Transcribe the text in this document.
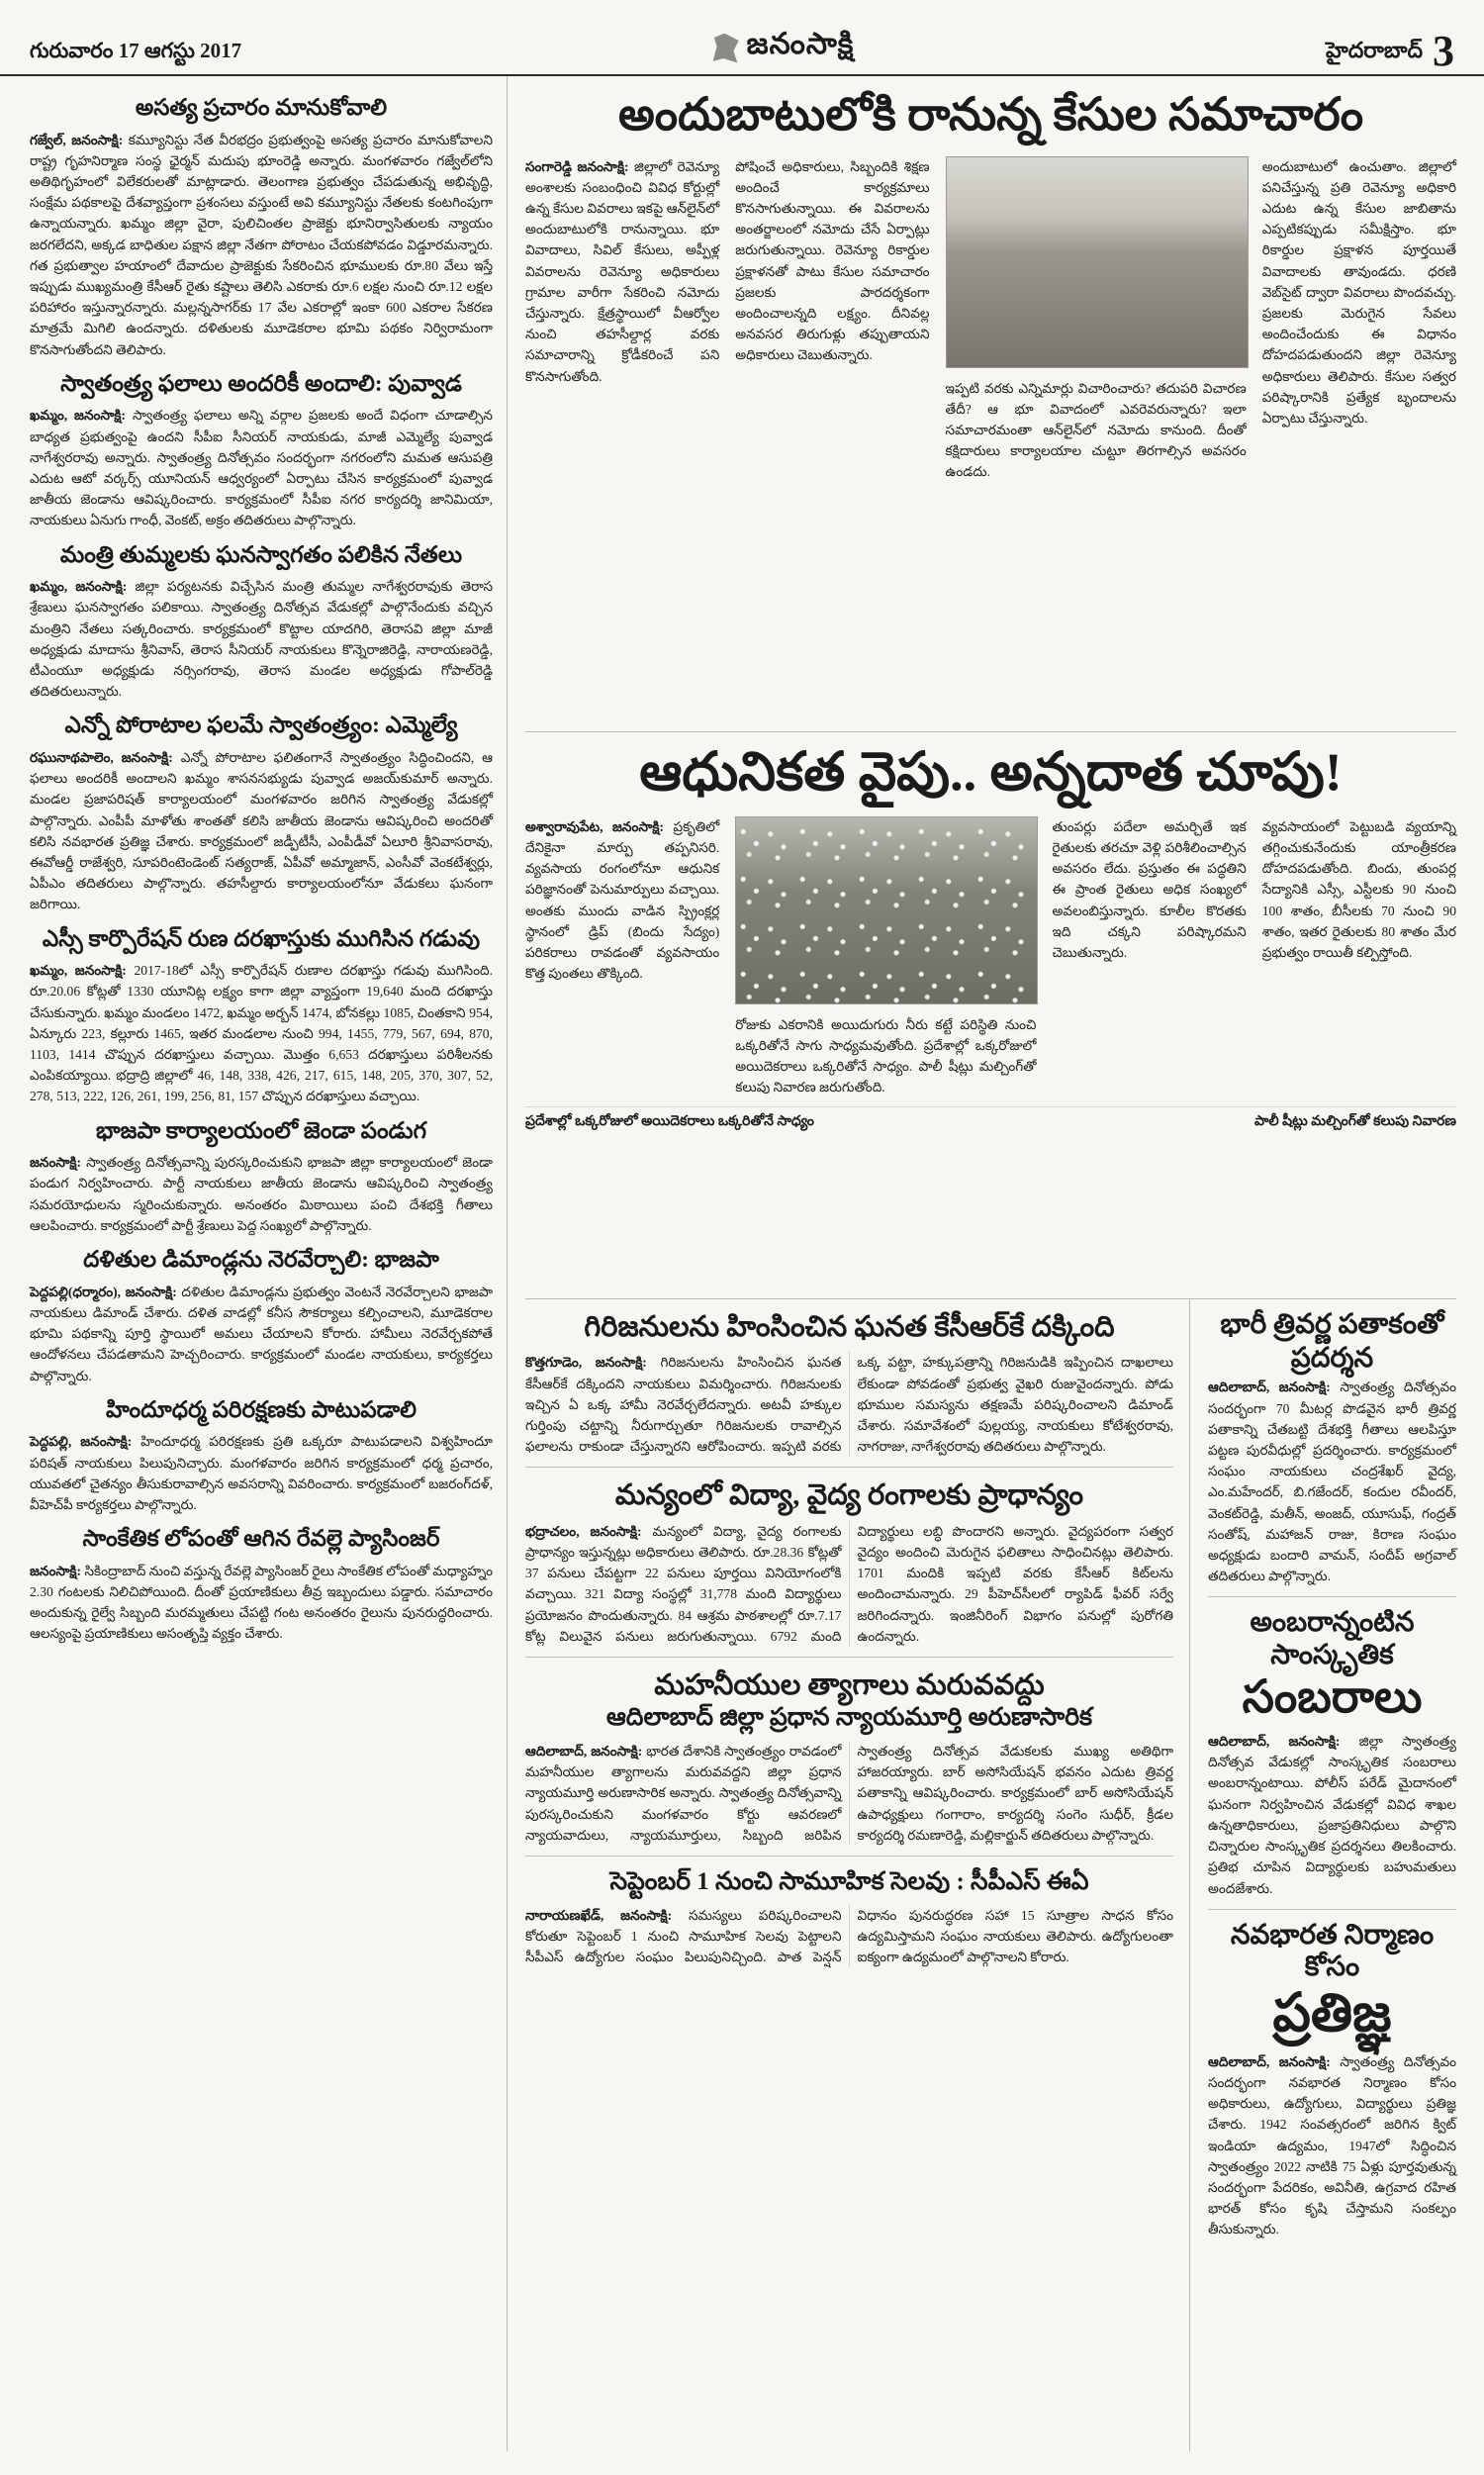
గురువారం 17 ఆగస్టు 2017	జనంసాక్షి	హైదరాబాద్ 3
అసత్య ప్రచారం మానుకోవాలి

గజ్వేల్, జనంసాక్షి: కమ్యూనిస్టు నేత వీరభద్రం ప్రభుత్వంపై అసత్య ప్రచారం మానుకోవాలని రాష్ట్ర గృహనిర్మాణ సంస్థ ఛైర్మన్ మదుపు భూంరెడ్డి అన్నారు. మంగళవారం గజ్వేల్‌లోని అతిథిగృహంలో విలేకరులతో మాట్లాడారు. తెలంగాణ ప్రభుత్వం చేపడుతున్న అభివృద్ధి, సంక్షేమ పథకాలపై దేశవ్యాప్తంగా ప్రశంసలు వస్తుంటే అవి కమ్యూనిస్టు నేతలకు కంటగింపుగా ఉన్నాయన్నారు. ఖమ్మం జిల్లా వైరా, పులిచింతల ప్రాజెక్టు భూనిర్వాసితులకు న్యాయం జరగలేదని, అక్కడ బాధితుల పక్షాన జిల్లా నేతగా పోరాటం చేయకపోవడం విడ్డూరమన్నారు. గత ప్రభుత్వాల హయాంలో దేవాదుల ప్రాజెక్టుకు సేకరించిన భూములకు రూ.80 వేలు ఇస్తే ఇప్పుడు ముఖ్యమంత్రి కేసీఆర్ రైతు కష్టాలు తెలిసి ఎకరాకు రూ.6 లక్షల నుంచి రూ.12 లక్షల పరిహారం ఇస్తున్నారన్నారు. మల్లన్నసాగర్‌కు 17 వేల ఎకరాల్లో ఇంకా 600 ఎకరాల సేకరణ మాత్రమే మిగిలి ఉందన్నారు. దళితులకు మూడెకరాల భూమి పథకం నిర్విరామంగా కొనసాగుతోందని తెలిపారు.

స్వాతంత్ర్య ఫలాలు అందరికీ అందాలి: పువ్వాడ

ఖమ్మం, జనంసాక్షి: స్వాతంత్ర్య ఫలాలు అన్ని వర్గాల ప్రజలకు అందే విధంగా చూడాల్సిన బాధ్యత ప్రభుత్వంపై ఉందని సీపీఐ సీనియర్ నాయకుడు, మాజీ ఎమ్మెల్యే పువ్వాడ నాగేశ్వరరావు అన్నారు. స్వాతంత్ర్య దినోత్సవం సందర్భంగా నగరంలోని మమత ఆసుపత్రి ఎదుట ఆటో వర్కర్స్ యూనియన్ ఆధ్వర్యంలో ఏర్పాటు చేసిన కార్యక్రమంలో పువ్వాడ జాతీయ జెండాను ఆవిష్కరించారు. కార్యక్రమంలో సీపీఐ నగర కార్యదర్శి జానిమియా, నాయకులు ఏనుగు గాంధీ, వెంకట్, అక్రం తదితరులు పాల్గొన్నారు.

మంత్రి తుమ్మలకు ఘనస్వాగతం పలికిన నేతలు

ఖమ్మం, జనంసాక్షి: జిల్లా పర్యటనకు విచ్చేసిన మంత్రి తుమ్మల నాగేశ్వరరావుకు తెరాస శ్రేణులు ఘనస్వాగతం పలికాయి. స్వాతంత్ర్య దినోత్సవ వేడుకల్లో పాల్గొనేందుకు వచ్చిన మంత్రిని నేతలు సత్కరించారు. కార్యక్రమంలో కొట్టాల యాదగిరి, తెరాసవి జిల్లా మాజీ అధ్యక్షుడు మాదాసు శ్రీనివాస్, తెరాస సీనియర్ నాయకులు కొన్నెరాజిరెడ్డి, నారాయణరెడ్డి, టీఎంయూ అధ్యక్షుడు నర్సింగరావు, తెరాస మండల అధ్యక్షుడు గోపాల్‌రెడ్డి తదితరులున్నారు.

ఎన్నో పోరాటాల ఫలమే స్వాతంత్ర్యం: ఎమ్మెల్యే

రఘునాథపాలెం, జనంసాక్షి: ఎన్నో పోరాటాల ఫలితంగానే స్వాతంత్ర్యం సిద్ధించిందని, ఆ ఫలాలు అందరికీ అందాలని ఖమ్మం శాసనసభ్యుడు పువ్వాడ అజయ్‌కుమార్ అన్నారు. మండల ప్రజాపరిషత్ కార్యాలయంలో మంగళవారం జరిగిన స్వాతంత్ర్య వేడుకల్లో పాల్గొన్నారు. ఎంపీపీ మాళోతు శాంతతో కలిసి జాతీయ జెండాను ఆవిష్కరించి అందరితో కలిసి నవభారత ప్రతిజ్ఞ చేశారు. కార్యక్రమంలో జడ్పీటీసీ, ఎంపీడీవో ఏలూరి శ్రీనివాసరావు, ఈవోఆర్డీ రాజేశ్వరి, సూపరింటెండెంట్ సత్యరాజ్, ఏపీవో అమ్మాజాన్, ఎంసీవో వెంకటేశ్వర్లు, ఏపీఎం తదితరులు పాల్గొన్నారు. తహసీల్దారు కార్యాలయంలోనూ వేడుకలు ఘనంగా జరిగాయి.

ఎస్సీ కార్పొరేషన్ రుణ దరఖాస్తుకు ముగిసిన గడువు

ఖమ్మం, జనంసాక్షి: 2017-18లో ఎస్సీ కార్పొరేషన్ రుణాల దరఖాస్తు గడువు ముగిసింది. రూ.20.06 కోట్లతో 1330 యూనిట్ల లక్ష్యం కాగా జిల్లా వ్యాప్తంగా 19,640 మంది దరఖాస్తు చేసుకున్నారు. ఖమ్మం మండలం 1472, ఖమ్మం అర్బన్ 1474, బోనకల్లు 1085, చింతకాని 954, ఏన్కూరు 223, కల్లూరు 1465, ఇతర మండలాల నుంచి 994, 1455, 779, 567, 694, 870, 1103, 1414 చొప్పున దరఖాస్తులు వచ్చాయి. మొత్తం 6,653 దరఖాస్తులు పరిశీలనకు ఎంపికయ్యాయి. భద్రాద్రి జిల్లాలో 46, 148, 338, 426, 217, 615, 148, 205, 370, 307, 52, 278, 513, 222, 126, 261, 199, 256, 81, 157 చొప్పున దరఖాస్తులు వచ్చాయి.

భాజపా కార్యాలయంలో జెండా పండుగ

జనంసాక్షి: స్వాతంత్ర్య దినోత్సవాన్ని పురస్కరించుకుని భాజపా జిల్లా కార్యాలయంలో జెండా పండుగ నిర్వహించారు. పార్టీ నాయకులు జాతీయ జెండాను ఆవిష్కరించి స్వాతంత్ర్య సమరయోధులను స్మరించుకున్నారు. అనంతరం మిఠాయిలు పంచి దేశభక్తి గీతాలు ఆలపించారు. కార్యక్రమంలో పార్టీ శ్రేణులు పెద్ద సంఖ్యలో పాల్గొన్నారు.

దళితుల డిమాండ్లను నెరవేర్చాలి: భాజపా

పెద్దపల్లి(ధర్మారం), జనంసాక్షి: దళితుల డిమాండ్లను ప్రభుత్వం వెంటనే నెరవేర్చాలని భాజపా నాయకులు డిమాండ్ చేశారు. దళిత వాడల్లో కనీస సౌకర్యాలు కల్పించాలని, మూడెకరాల భూమి పథకాన్ని పూర్తి స్థాయిలో అమలు చేయాలని కోరారు. హామీలు నెరవేర్చకపోతే ఆందోళనలు చేపడతామని హెచ్చరించారు. కార్యక్రమంలో మండల నాయకులు, కార్యకర్తలు పాల్గొన్నారు.

హిందూధర్మ పరిరక్షణకు పాటుపడాలి

పెద్దపల్లి, జనంసాక్షి: హిందూధర్మ పరిరక్షణకు ప్రతి ఒక్కరూ పాటుపడాలని విశ్వహిందూ పరిషత్ నాయకులు పిలుపునిచ్చారు. మంగళవారం జరిగిన కార్యక్రమంలో ధర్మ ప్రచారం, యువతలో చైతన్యం తీసుకురావాల్సిన అవసరాన్ని వివరించారు. కార్యక్రమంలో బజరంగ్‌దళ్, వీహెచ్‌పీ కార్యకర్తలు పాల్గొన్నారు.

సాంకేతిక లోపంతో ఆగిన రేవల్లె ప్యాసింజర్

జనంసాక్షి: సికింద్రాబాద్ నుంచి వస్తున్న రేవల్లె ప్యాసింజర్ రైలు సాంకేతిక లోపంతో మధ్యాహ్నం 2.30 గంటలకు నిలిచిపోయింది. దీంతో ప్రయాణికులు తీవ్ర ఇబ్బందులు పడ్డారు. సమాచారం అందుకున్న రైల్వే సిబ్బంది మరమ్మతులు చేపట్టి గంట అనంతరం రైలును పునరుద్ధరించారు. ఆలస్యంపై ప్రయాణికులు అసంతృప్తి వ్యక్తం చేశారు.

అందుబాటులోకి రానున్న కేసుల సమాచారం

సంగారెడ్డి జనంసాక్షి: జిల్లాలో రెవెన్యూ అంశాలకు సంబంధించి వివిధ కోర్టుల్లో ఉన్న కేసుల వివరాలు ఇకపై ఆన్‌లైన్‌లో అందుబాటులోకి రానున్నాయి. భూ వివాదాలు, సివిల్ కేసులు, అప్పీళ్ల వివరాలను రెవెన్యూ అధికారులు గ్రామాల వారీగా సేకరించి నమోదు చేస్తున్నారు. క్షేత్రస్థాయిలో వీఆర్వోల నుంచి తహసీల్దార్ల వరకు సమాచారాన్ని క్రోడీకరించే పని కొనసాగుతోంది.

పోషించే అధికారులు, సిబ్బందికి శిక్షణ అందించే కార్యక్రమాలు కొనసాగుతున్నాయి. ఈ వివరాలను అంతర్జాలంలో నమోదు చేసే ఏర్పాట్లు జరుగుతున్నాయి. రెవెన్యూ రికార్డుల ప్రక్షాళనతో పాటు కేసుల సమాచారం ప్రజలకు పారదర్శకంగా అందించాలన్నది లక్ష్యం. దీనివల్ల అనవసర తిరుగుళ్లు తప్పుతాయని అధికారులు చెబుతున్నారు.

ఇప్పటి వరకు ఎన్నిమార్లు విచారించారు? తదుపరి విచారణ తేదీ? ఆ భూ వివాదంలో ఎవరెవరున్నారు? ఇలా సమాచారమంతా ఆన్‌లైన్‌లో నమోదు కానుంది. దీంతో కక్షిదారులు కార్యాలయాల చుట్టూ తిరగాల్సిన అవసరం ఉండదు.

అందుబాటులో ఉంచుతాం. జిల్లాలో పనిచేస్తున్న ప్రతి రెవెన్యూ అధికారి ఎదుట ఉన్న కేసుల జాబితాను ఎప్పటికప్పుడు సమీక్షిస్తాం. భూ రికార్డుల ప్రక్షాళన పూర్తయితే వివాదాలకు తావుండదు. ధరణి వెబ్‌సైట్ ద్వారా వివరాలు పొందవచ్చు. ప్రజలకు మెరుగైన సేవలు అందించేందుకు ఈ విధానం దోహదపడుతుందని జిల్లా రెవెన్యూ అధికారులు తెలిపారు. కేసుల సత్వర పరిష్కారానికి ప్రత్యేక బృందాలను ఏర్పాటు చేస్తున్నారు.

ఆధునికత వైపు.. అన్నదాత చూపు!

అశ్వారావుపేట, జనంసాక్షి: ప్రకృతిలో దేనికైనా మార్పు తప్పనిసరి. వ్యవసాయ రంగంలోనూ ఆధునిక పరిజ్ఞానంతో పెనుమార్పులు వచ్చాయి. అంతకు ముందు వాడిన స్ప్రింక్లర్ల స్థానంలో డ్రిప్ (బిందు సేద్యం) పరికరాలు రావడంతో వ్యవసాయం కొత్త పుంతలు తొక్కింది.

రోజుకు ఎకరానికి అయిదుగురు నీరు కట్టే పరిస్థితి నుంచి ఒక్కరితోనే సాగు సాధ్యమవుతోంది. ప్రదేశాల్లో ఒక్కరోజులో అయిదెకరాలు ఒక్కరితోనే సాధ్యం. పాలీ షీట్లు మల్చింగ్‌తో కలుపు నివారణ జరుగుతోంది.

తుంపర్లు పదేలా అమర్చితే ఇక రైతులకు తరచూ వెళ్లి పరిశీలించాల్సిన అవసరం లేదు. ప్రస్తుతం ఈ పద్ధతిని ఈ ప్రాంత రైతులు అధిక సంఖ్యలో అవలంబిస్తున్నారు. కూలీల కొరతకు ఇది చక్కని పరిష్కారమని చెబుతున్నారు.

వ్యవసాయంలో పెట్టుబడి వ్యయాన్ని తగ్గించుకునేందుకు యాంత్రీకరణ దోహదపడుతోంది. బిందు, తుంపర్ల సేద్యానికి ఎస్సీ, ఎస్టీలకు 90 నుంచి 100 శాతం, బీసీలకు 70 నుంచి 90 శాతం, ఇతర రైతులకు 80 శాతం మేర ప్రభుత్వం రాయితీ కల్పిస్తోంది.

ప్రదేశాల్లో ఒక్కరోజులో అయిదెకరాలు ఒక్కరితోనే సాధ్యం	పాలీ షీట్లు మల్చింగ్‌తో కలుపు నివారణ
గిరిజనులను హింసించిన ఘనత కేసీఆర్‌కే దక్కింది

కొత్తగూడెం, జనంసాక్షి: గిరిజనులను హింసించిన ఘనత కేసీఆర్‌కే దక్కిందని నాయకులు విమర్శించారు. గిరిజనులకు ఇచ్చిన ఏ ఒక్క హామీ నెరవేర్చలేదన్నారు. అటవీ హక్కుల గుర్తింపు చట్టాన్ని నీరుగార్చుతూ గిరిజనులకు రావాల్సిన ఫలాలను రాకుండా చేస్తున్నారని ఆరోపించారు. ఇప్పటి వరకు ఒక్క పట్టా, హక్కుపత్రాన్ని గిరిజనుడికి ఇప్పించిన దాఖలాలు లేకుండా పోవడంతో ప్రభుత్వ వైఖరి రుజువైందన్నారు. పోడు భూముల సమస్యను తక్షణమే పరిష్కరించాలని డిమాండ్ చేశారు. సమావేశంలో పుల్లయ్య, నాయకులు కోటేశ్వరరావు, నాగరాజు, నాగేశ్వరరావు తదితరులు పాల్గొన్నారు.

మన్యంలో విద్యా, వైద్య రంగాలకు ప్రాధాన్యం

భద్రాచలం, జనంసాక్షి: మన్యంలో విద్యా, వైద్య రంగాలకు ప్రాధాన్యం ఇస్తున్నట్లు అధికారులు తెలిపారు. రూ.28.36 కోట్లతో 37 పనులు చేపట్టగా 22 పనులు పూర్తయి వినియోగంలోకి వచ్చాయి. 321 విద్యా సంస్థల్లో 31,778 మంది విద్యార్థులు ప్రయోజనం పొందుతున్నారు. 84 ఆశ్రమ పాఠశాలల్లో రూ.7.17 కోట్ల విలువైన పనులు జరుగుతున్నాయి. 6792 మంది విద్యార్థులు లబ్ధి పొందారని అన్నారు. వైద్యపరంగా సత్వర వైద్యం అందించి మెరుగైన ఫలితాలు సాధించినట్లు తెలిపారు. 1701 మందికి ఇప్పటి వరకు కేసీఆర్ కిట్‌లను అందించామన్నారు. 29 పీహెచ్‌సీలలో ర్యాపిడ్ ఫీవర్ సర్వే జరిగిందన్నారు. ఇంజినీరింగ్ విభాగం పనుల్లో పురోగతి ఉందన్నారు.

మహనీయుల త్యాగాలు మరువవద్దు
ఆదిలాబాద్ జిల్లా ప్రధాన న్యాయమూర్తి అరుణాసారిక

ఆదిలాబాద్, జనంసాక్షి: భారత దేశానికి స్వాతంత్ర్యం రావడంలో మహనీయుల త్యాగాలను మరువవద్దని జిల్లా ప్రధాన న్యాయమూర్తి అరుణాసారిక అన్నారు. స్వాతంత్ర్య దినోత్సవాన్ని పురస్కరించుకుని మంగళవారం కోర్టు ఆవరణలో న్యాయవాదులు, న్యాయమూర్తులు, సిబ్బంది జరిపిన స్వాతంత్ర్య దినోత్సవ వేడుకలకు ముఖ్య అతిథిగా హాజరయ్యారు. బార్ అసోసియేషన్ భవనం ఎదుట త్రివర్ణ పతాకాన్ని ఆవిష్కరించారు. కార్యక్రమంలో బార్ అసోసియేషన్ ఉపాధ్యక్షులు గంగారాం, కార్యదర్శి సంగెం సుధీర్, క్రీడల కార్యదర్శి రమణారెడ్డి, మల్లికార్జున్ తదితరులు పాల్గొన్నారు.

సెప్టెంబర్ 1 నుంచి సామూహిక సెలవు : సీపీఎస్ ఈఏ

నారాయణఖేడ్, జనంసాక్షి: సమస్యలు పరిష్కరించాలని కోరుతూ సెప్టెంబర్ 1 నుంచి సామూహిక సెలవు పెట్టాలని సీపీఎస్ ఉద్యోగుల సంఘం పిలుపునిచ్చింది. పాత పెన్షన్ విధానం పునరుద్ధరణ సహా 15 సూత్రాల సాధన కోసం ఉద్యమిస్తామని సంఘం నాయకులు తెలిపారు. ఉద్యోగులంతా ఐక్యంగా ఉద్యమంలో పాల్గొనాలని కోరారు.

భారీ త్రివర్ణ పతాకంతో
ప్రదర్శన

ఆదిలాబాద్, జనంసాక్షి: స్వాతంత్ర్య దినోత్సవం సందర్భంగా 70 మీటర్ల పొడవైన భారీ త్రివర్ణ పతాకాన్ని చేతబట్టి దేశభక్తి గీతాలు ఆలపిస్తూ పట్టణ పురవీధుల్లో ప్రదర్శించారు. కార్యక్రమంలో సంఘం నాయకులు చంద్రశేఖర్ వైద్య, ఎం.మహేందర్, బి.గజేందర్, కందుల రవీందర్, వెంకట్‌రెడ్డి, మతీన్, అంజద్, యూసుఫ్, గంద్రత్ సంతోష్, మహాజన్ రాజు, కిరాణ సంఘం అధ్యక్షుడు బందారి వామన్, సందీప్ అగ్రవాల్ తదితరులు పాల్గొన్నారు.

అంబరాన్నంటిన సాంస్కృతిక
సంబరాలు

ఆదిలాబాద్, జనంసాక్షి: జిల్లా స్వాతంత్ర్య దినోత్సవ వేడుకల్లో సాంస్కృతిక సంబరాలు అంబరాన్నంటాయి. పోలీస్ పరేడ్ మైదానంలో ఘనంగా నిర్వహించిన వేడుకల్లో వివిధ శాఖల ఉన్నతాధికారులు, ప్రజాప్రతినిధులు పాల్గొని చిన్నారుల సాంస్కృతిక ప్రదర్శనలు తిలకించారు. ప్రతిభ చూపిన విద్యార్థులకు బహుమతులు అందజేశారు.

నవభారత నిర్మాణం కోసం
ప్రతిజ్ఞ

ఆదిలాబాద్, జనంసాక్షి: స్వాతంత్ర్య దినోత్సవం సందర్భంగా నవభారత నిర్మాణం కోసం అధికారులు, ఉద్యోగులు, విద్యార్థులు ప్రతిజ్ఞ చేశారు. 1942 సంవత్సరంలో జరిగిన క్విట్ ఇండియా ఉద్యమం, 1947లో సిద్ధించిన స్వాతంత్ర్యం 2022 నాటికి 75 ఏళ్లు పూర్తవుతున్న సందర్భంగా పేదరికం, అవినీతి, ఉగ్రవాద రహిత భారత్ కోసం కృషి చేస్తామని సంకల్పం తీసుకున్నారు.
